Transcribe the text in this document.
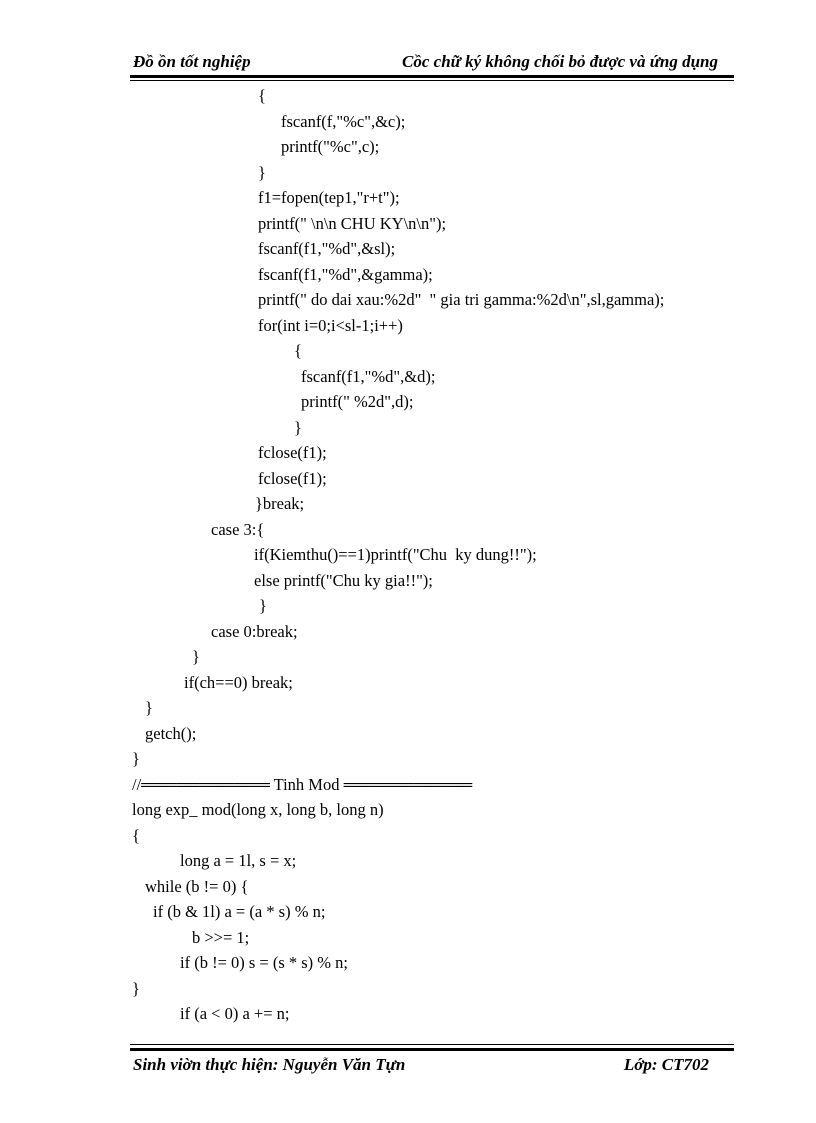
Đồ ồn tốt nghiệp	Cồc chữ ký không chối bỏ được và ứng dụng
{
fscanf(f,"%c",&c);
printf("%c",c);
}
f1=fopen(tep1,"r+t");
printf(" \n\n CHU KY\n\n");
fscanf(f1,"%d",&sl);
fscanf(f1,"%d",&gamma);
printf(" do dai xau:%2d"  " gia tri gamma:%2d\n",sl,gamma);
for(int i=0;i<sl-1;i++)
{
fscanf(f1,"%d",&d);
printf(" %2d",d);
}
fclose(f1);
fclose(f1);
}break;
case 3:{
if(Kiemthu()==1)printf("Chu  ky dung!!");
else printf("Chu ky gia!!");
}
case 0:break;
}
if(ch==0) break;
}
getch();
}
//═══════════ Tinh Mod ═══════════
long exp_ mod(long x, long b, long n)
{
long a = 1l, s = x;
while (b != 0) {
if (b & 1l) a = (a * s) % n;
b >>= 1;
if (b != 0) s = (s * s) % n;
}
if (a < 0) a += n;
Sinh viờn thực hiện: Nguyễn Văn Tựn	Lớp: CT702
